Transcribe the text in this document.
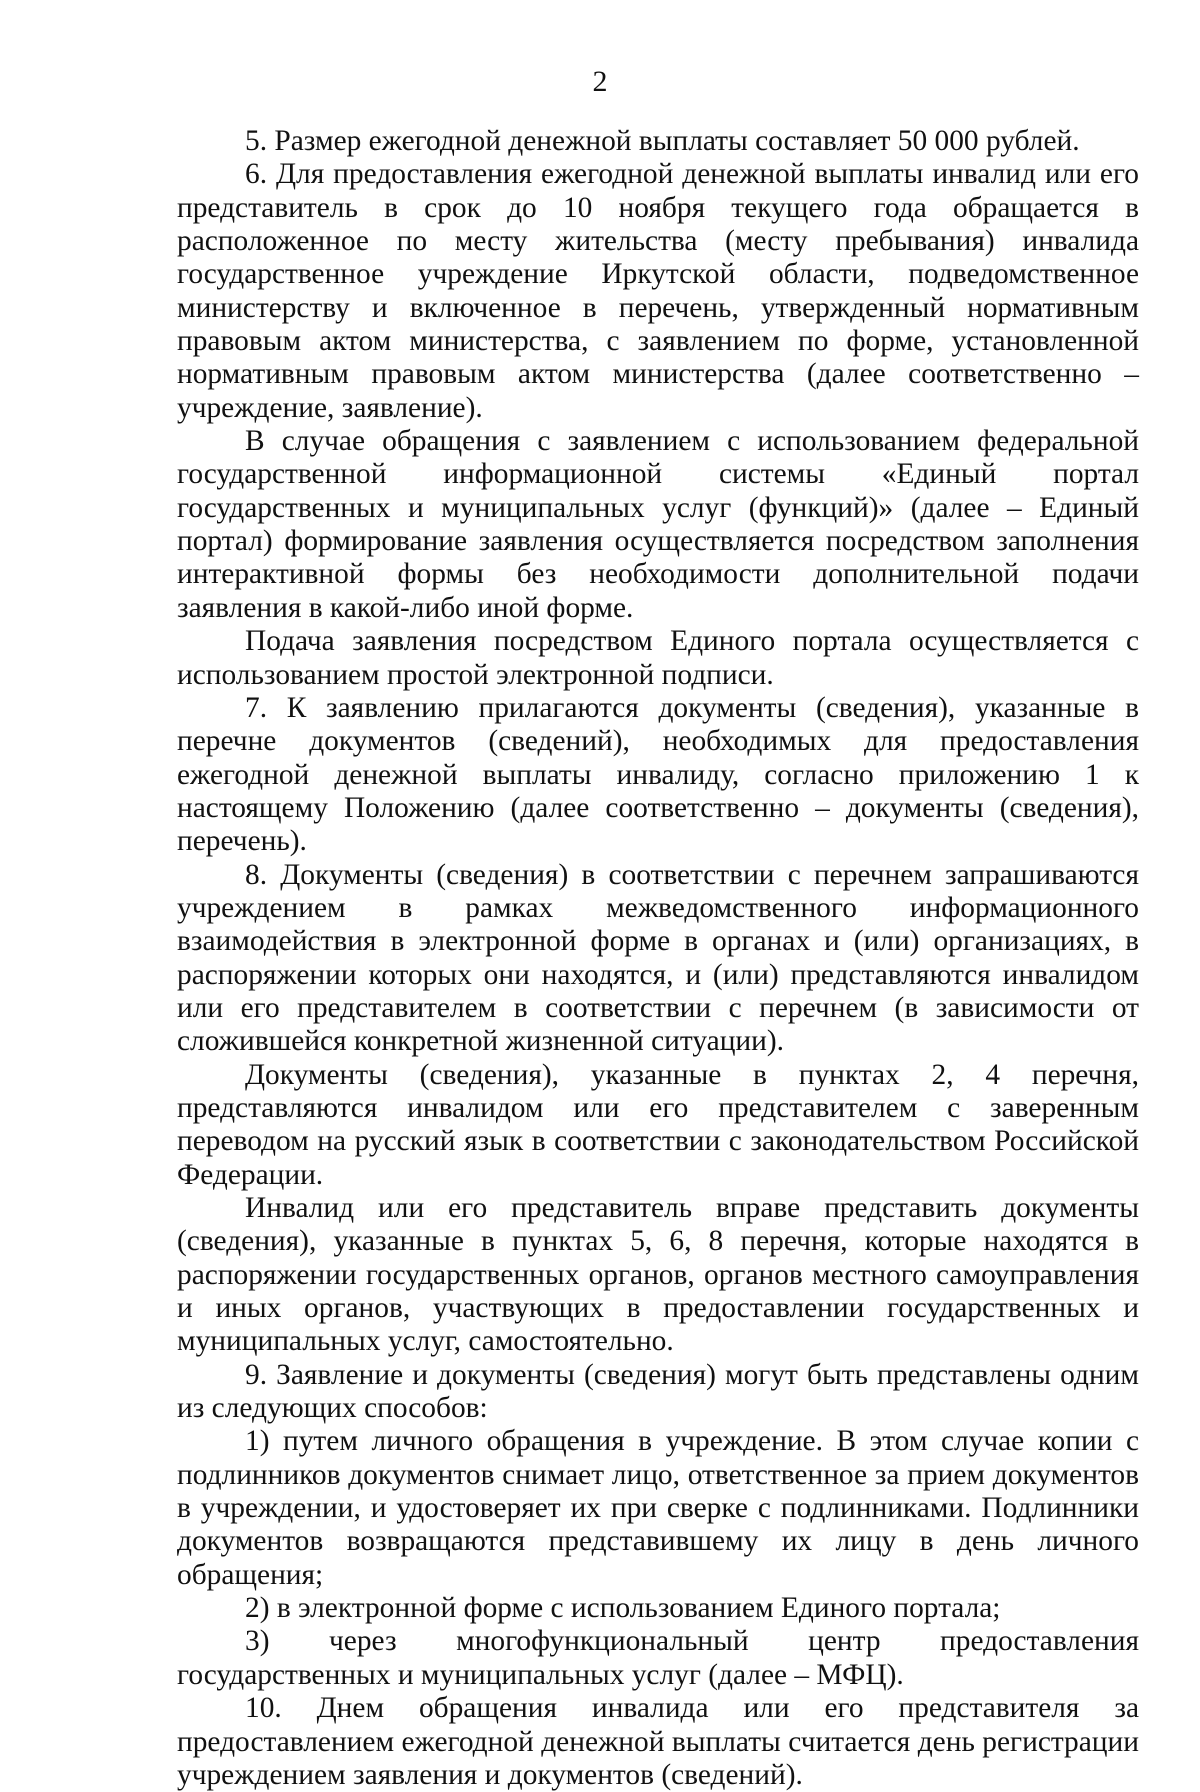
2

5. Размер ежегодной денежной выплаты составляет 50 000 рублей.

6. Для предоставления ежегодной денежной выплаты инвалид или его представитель в срок до 10 ноября текущего года обращается в расположенное по месту жительства (месту пребывания) инвалида государственное учреждение Иркутской области, подведомственное министерству и включенное в перечень, утвержденный нормативным правовым актом министерства, с заявлением по форме, установленной нормативным правовым актом министерства (далее соответственно – учреждение, заявление).

В случае обращения с заявлением с использованием федеральной государственной информационной системы «Единый портал государственных и муниципальных услуг (функций)» (далее – Единый портал) формирование заявления осуществляется посредством заполнения интерактивной формы без необходимости дополнительной подачи заявления в какой-либо иной форме.

Подача заявления посредством Единого портала осуществляется с использованием простой электронной подписи.

7. К заявлению прилагаются документы (сведения), указанные в перечне документов (сведений), необходимых для предоставления ежегодной денежной выплаты инвалиду, согласно приложению 1 к настоящему Положению (далее соответственно – документы (сведения), перечень).

8. Документы (сведения) в соответствии с перечнем запрашиваются учреждением в рамках межведомственного информационного взаимодействия в электронной форме в органах и (или) организациях, в распоряжении которых они находятся, и (или) представляются инвалидом или его представителем в соответствии с перечнем (в зависимости от сложившейся конкретной жизненной ситуации).

Документы (сведения), указанные в пунктах 2, 4 перечня, представляются инвалидом или его представителем с заверенным переводом на русский язык в соответствии с законодательством Российской Федерации.

Инвалид или его представитель вправе представить документы (сведения), указанные в пунктах 5, 6, 8 перечня, которые находятся в распоряжении государственных органов, органов местного самоуправления и иных органов, участвующих в предоставлении государственных и муниципальных услуг, самостоятельно.

9. Заявление и документы (сведения) могут быть представлены одним из следующих способов:

1) путем личного обращения в учреждение. В этом случае копии с подлинников документов снимает лицо, ответственное за прием документов в учреждении, и удостоверяет их при сверке с подлинниками. Подлинники документов возвращаются представившему их лицу в день личного обращения;

2) в электронной форме с использованием Единого портала;

3) через многофункциональный центр предоставления государственных и муниципальных услуг (далее – МФЦ).

10. Днем обращения инвалида или его представителя за предоставлением ежегодной денежной выплаты считается день регистрации учреждением заявления и документов (сведений).
